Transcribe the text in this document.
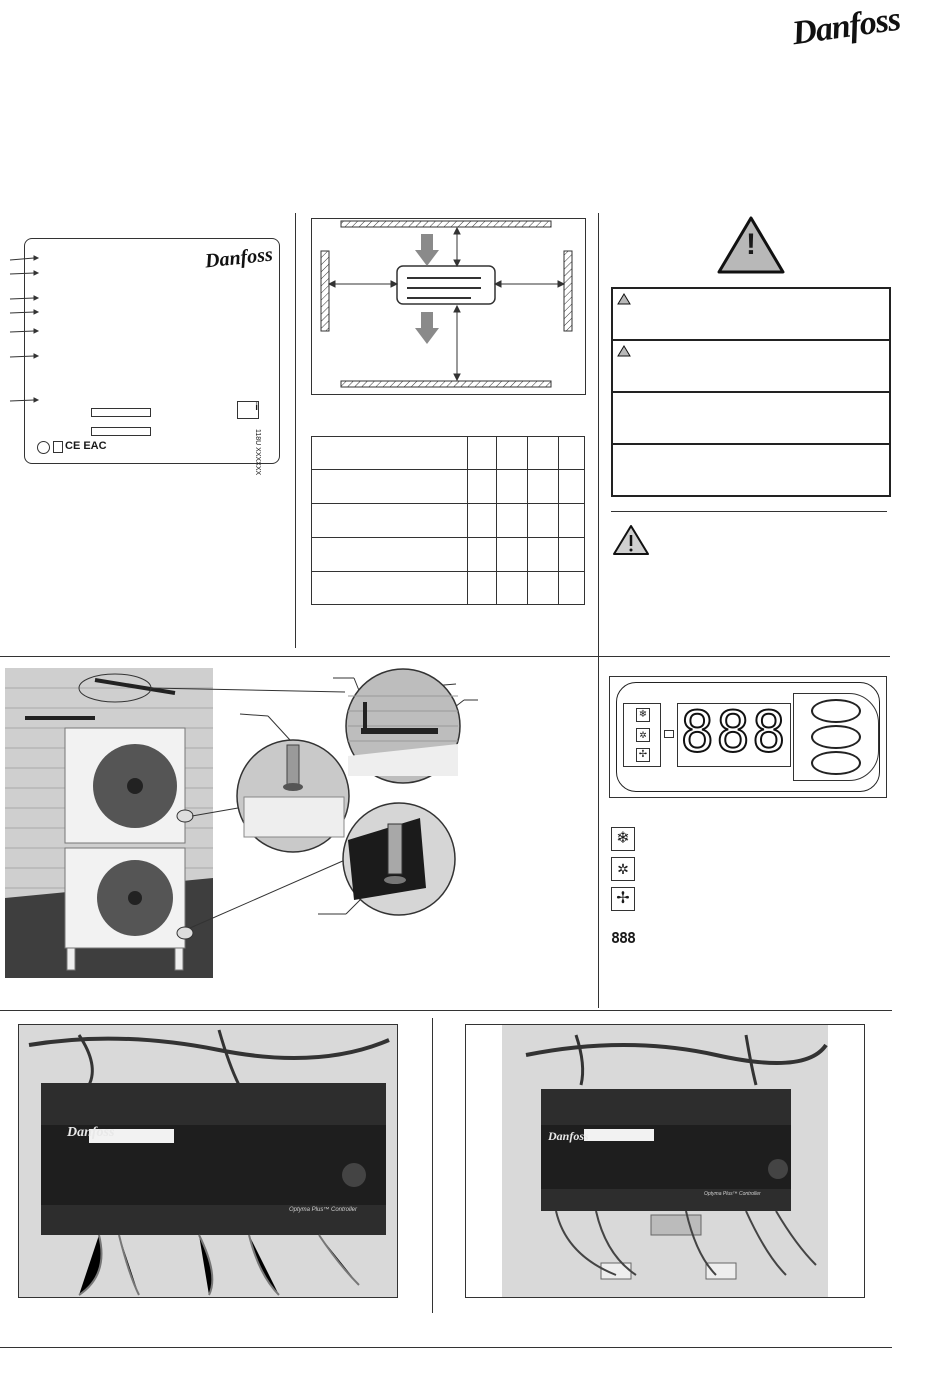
Danfoss
Danfoss
i
118U XXXXXX
CE EAC

!
❄
✲
✢ 888
❄
✲
✢
888
Danfoss
Optyma Plus™ Controller
Danfoss
Optyma Plus™ Controller
